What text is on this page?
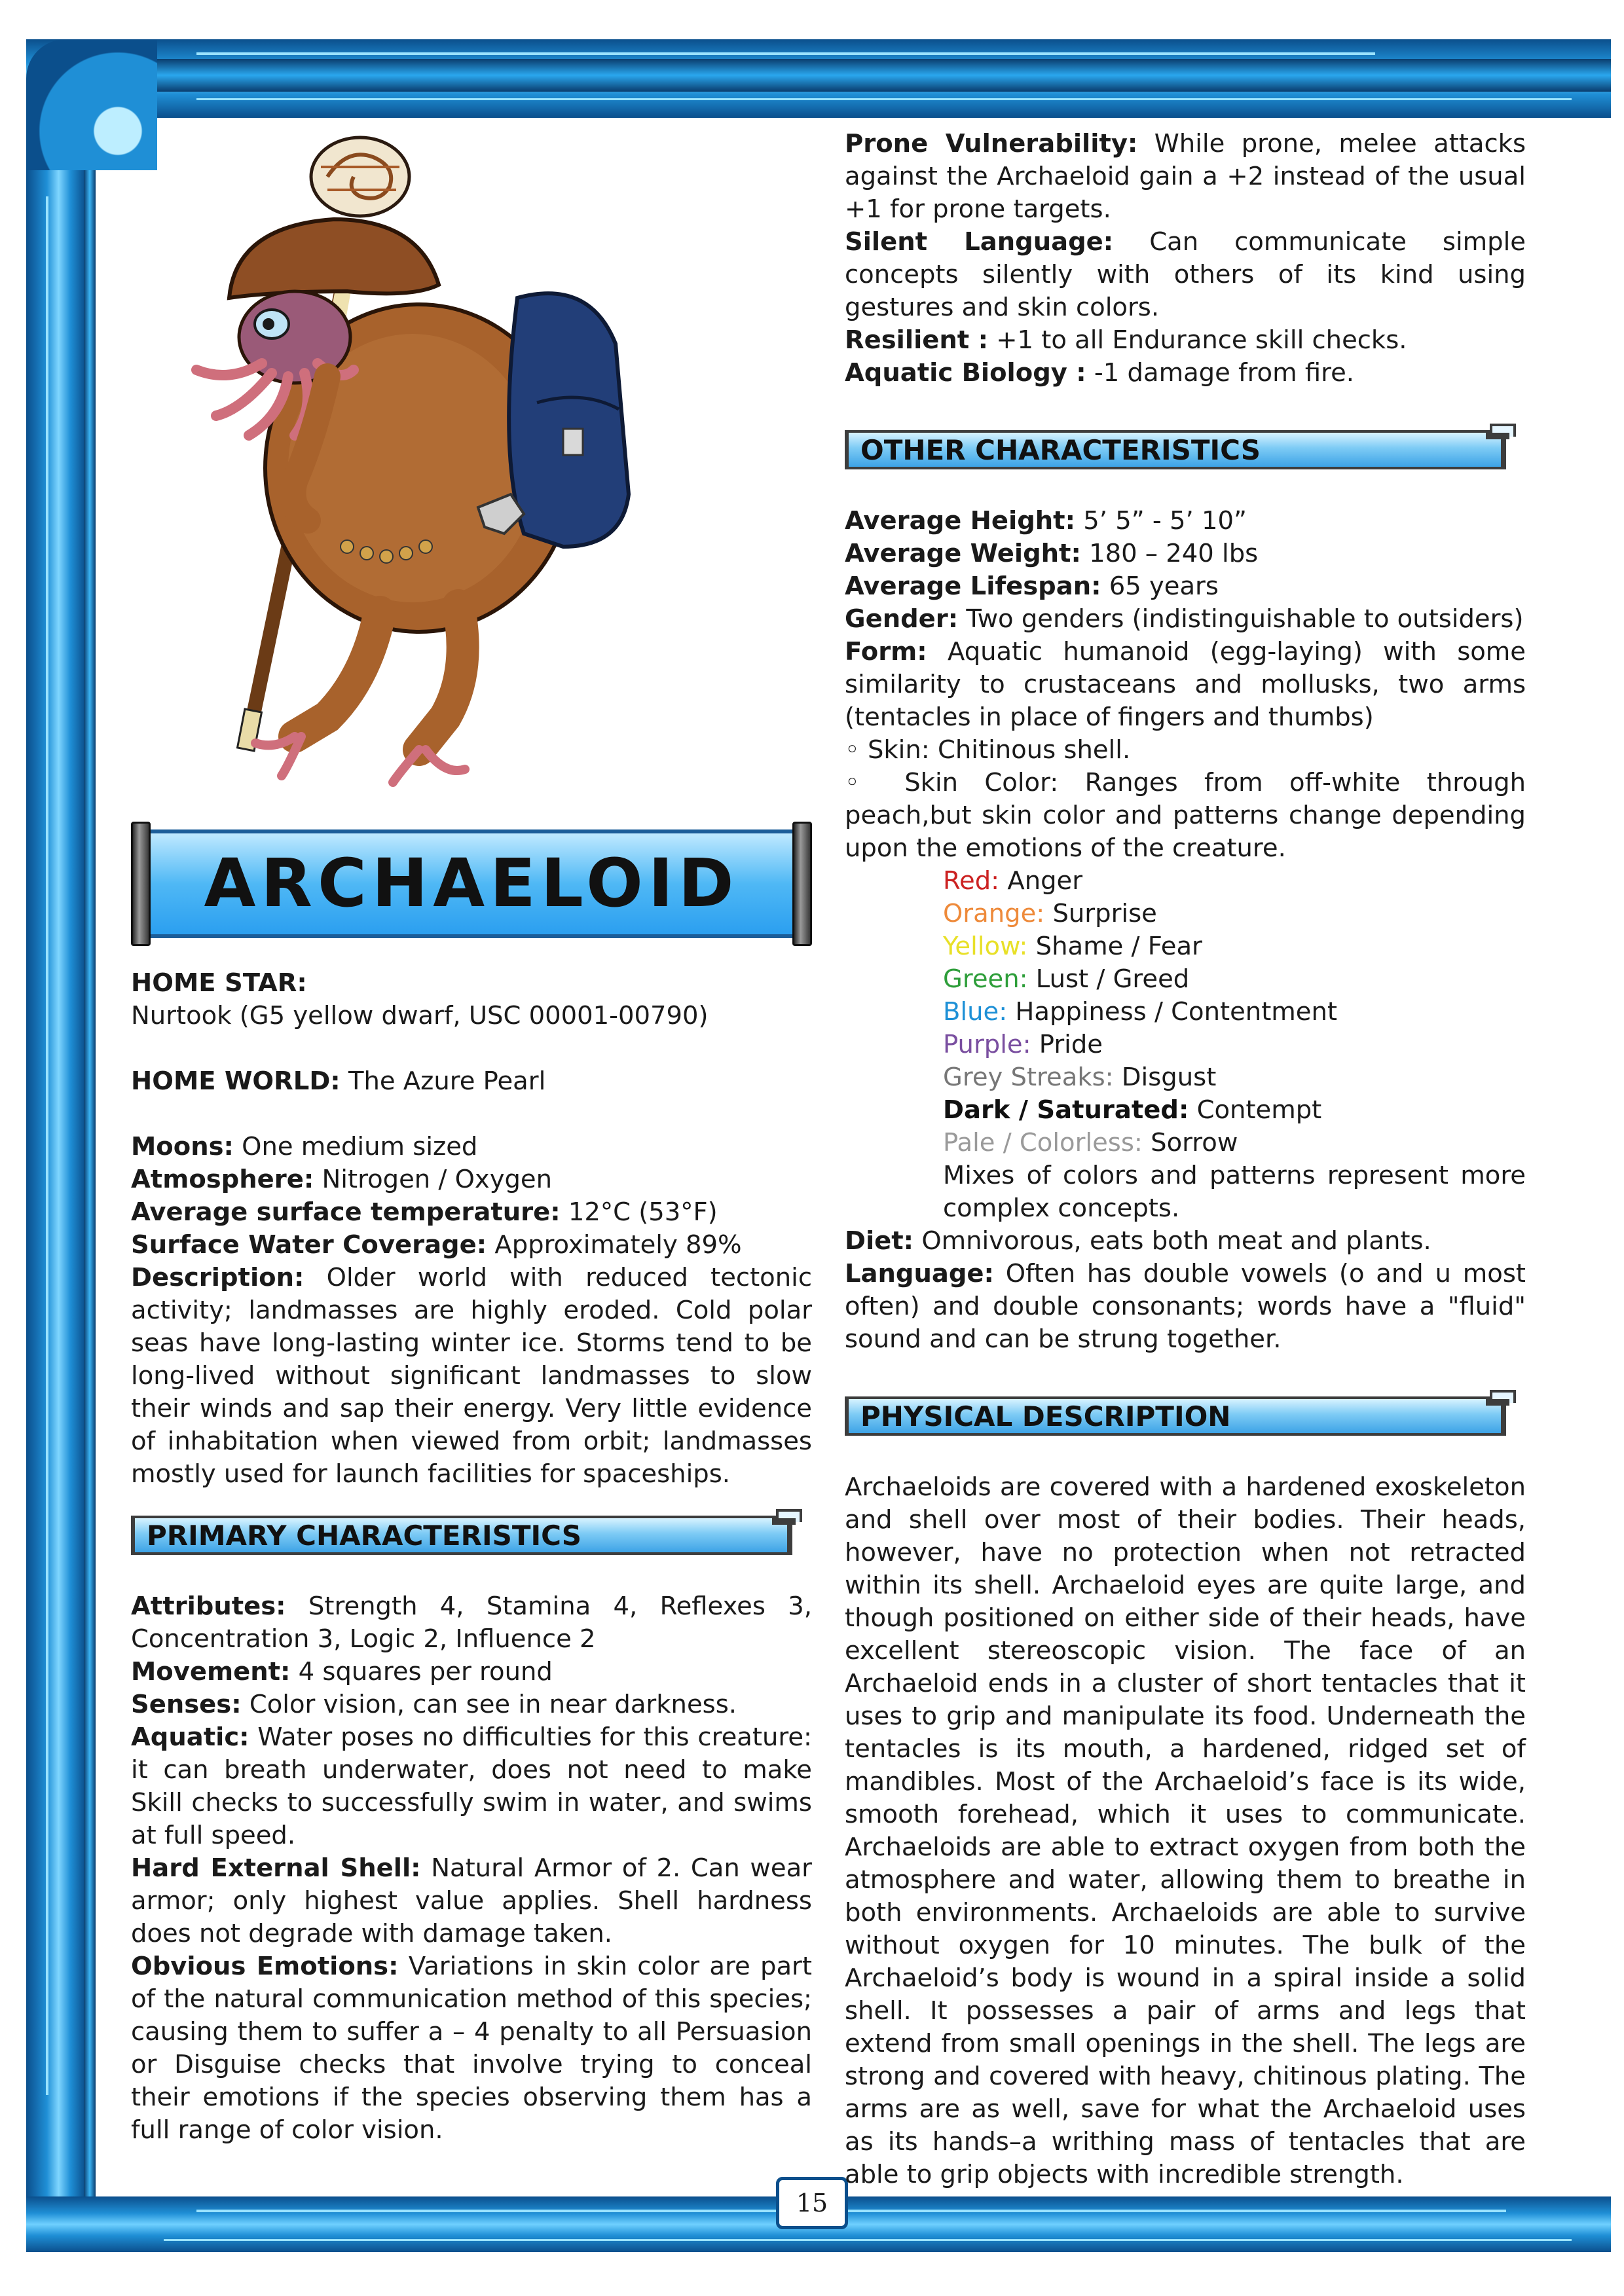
15
ARCHAELOID
HOME STAR:
Nurtook (G5 yellow dwarf, USC 00001-00790)
HOME WORLD: The Azure Pearl
Moons: One medium sized
Atmosphere: Nitrogen / Oxygen
Average surface temperature: 12°C (53°F)
Surface Water Coverage: Approximately 89%
Description: Older world with reduced tectonic activity; landmasses are highly eroded. Cold polar seas have long-lasting winter ice. Storms tend to be long-lived without significant landmasses to slow their winds and sap their energy. Very little evidence of inhabitation when viewed from orbit; landmasses mostly used for launch facilities for spaceships.
PRIMARY CHARACTERISTICS
Attributes: Strength 4, Stamina 4, Reflexes 3, Concentration 3, Logic 2, Influence 2
Movement: 4 squares per round
Senses: Color vision, can see in near darkness.
Aquatic: Water poses no difficulties for this creature: it can breath underwater, does not need to make Skill checks to successfully swim in water, and swims at full speed.
Hard External Shell: Natural Armor of 2. Can wear armor; only highest value applies. Shell hardness does not degrade with damage taken.
Obvious Emotions: Variations in skin color are part of the natural communication method of this species; causing them to suffer a – 4 penalty to all Persuasion or Disguise checks that involve trying to conceal their emotions if the species observing them has a full range of color vision.
Prone Vulnerability: While prone, melee attacks against the Archaeloid gain a +2 instead of the usual +1 for prone targets.
Silent Language: Can communicate simple concepts silently with others of its kind using gestures and skin colors.
Resilient : +1 to all Endurance skill checks.
Aquatic Biology : -1 damage from fire.
OTHER CHARACTERISTICS
Average Height: 5’ 5” - 5’ 10”
Average Weight: 180 – 240 lbs
Average Lifespan: 65 years
Gender: Two genders (indistinguishable to outsiders)
Form: Aquatic humanoid (egg-laying) with some similarity to crustaceans and mollusks, two arms (tentacles in place of fingers and thumbs)
◦ Skin: Chitinous shell.
◦ Skin Color: Ranges from off-white through peach,but skin color and patterns change depending upon the emotions of the creature.
Red: Anger
Orange: Surprise
Yellow: Shame / Fear
Green: Lust / Greed
Blue: Happiness / Contentment
Purple: Pride
Grey Streaks: Disgust
Dark / Saturated: Contempt
Pale / Colorless: Sorrow
Mixes of colors and patterns represent more complex concepts.
Diet: Omnivorous, eats both meat and plants.
Language: Often has double vowels (o and u most often) and double consonants; words have a "fluid" sound and can be strung together.
PHYSICAL DESCRIPTION
Archaeloids are covered with a hardened exoskeleton and shell over most of their bodies. Their heads, however, have no protection when not retracted within its shell. Archaeloid eyes are quite large, and though positioned on either side of their heads, have excellent stereoscopic vision. The face of an Archaeloid ends in a cluster of short tentacles that it uses to grip and manipulate its food. Underneath the tentacles is its mouth, a hardened, ridged set of mandibles. Most of the Archaeloid’s face is its wide, smooth forehead, which it uses to communicate. Archaeloids are able to extract oxygen from both the atmosphere and water, allowing them to breathe in both environments. Archaeloids are able to survive without oxygen for 10 minutes. The bulk of the Archaeloid’s body is wound in a spiral inside a solid shell. It possesses a pair of arms and legs that extend from small openings in the shell. The legs are strong and covered with heavy, chitinous plating. The arms are as well, save for what the Archaeloid uses as its hands–a writhing mass of tentacles that are able to grip objects with incredible strength.
